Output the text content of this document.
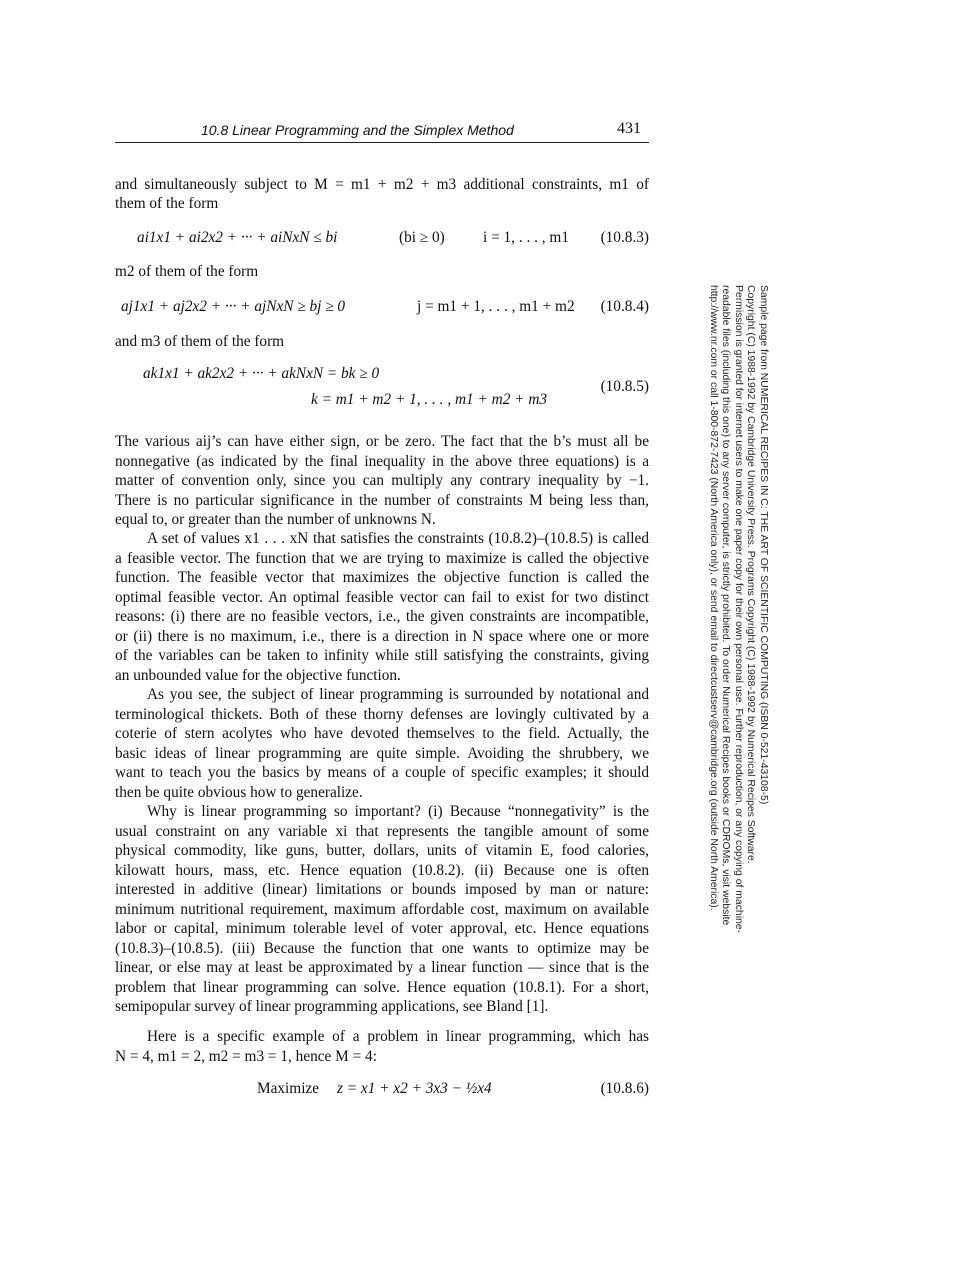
10.8 Linear Programming and the Simplex Method	431
and simultaneously subject to M = m1 + m2 + m3 additional constraints, m1 of
them of the form
ai1x1 + ai2x2 + ··· + aiNxN ≤ bi	(bi ≥ 0) i = 1, . . . , m1 (10.8.3)
m2 of them of the form
aj1x1 + aj2x2 + ··· + ajNxN ≥ bj ≥ 0	j = m1 + 1, . . . , m1 + m2 (10.8.4)
and m3 of them of the form
ak1x1 + ak2x2 + ··· + akNxN = bk ≥ 0
k = m1 + m2 + 1, . . . , m1 + m2 + m3
(10.8.5)
The various aij’s can have either sign, or be zero. The fact that the b’s must all be
nonnegative (as indicated by the final inequality in the above three equations) is a
matter of convention only, since you can multiply any contrary inequality by −1.
There is no particular significance in the number of constraints M being less than,
equal to, or greater than the number of unknowns N.
A set of values x1 . . . xN that satisfies the constraints (10.8.2)–(10.8.5) is called
a feasible vector. The function that we are trying to maximize is called the objective
function. The feasible vector that maximizes the objective function is called the
optimal feasible vector. An optimal feasible vector can fail to exist for two distinct
reasons: (i) there are no feasible vectors, i.e., the given constraints are incompatible,
or (ii) there is no maximum, i.e., there is a direction in N space where one or more
of the variables can be taken to infinity while still satisfying the constraints, giving
an unbounded value for the objective function.
As you see, the subject of linear programming is surrounded by notational and
terminological thickets. Both of these thorny defenses are lovingly cultivated by a
coterie of stern acolytes who have devoted themselves to the field. Actually, the
basic ideas of linear programming are quite simple. Avoiding the shrubbery, we
want to teach you the basics by means of a couple of specific examples; it should
then be quite obvious how to generalize.
Why is linear programming so important? (i) Because “nonnegativity” is the
usual constraint on any variable xi that represents the tangible amount of some
physical commodity, like guns, butter, dollars, units of vitamin E, food calories,
kilowatt hours, mass, etc. Hence equation (10.8.2). (ii) Because one is often
interested in additive (linear) limitations or bounds imposed by man or nature:
minimum nutritional requirement, maximum affordable cost, maximum on available
labor or capital, minimum tolerable level of voter approval, etc. Hence equations
(10.8.3)–(10.8.5). (iii) Because the function that one wants to optimize may be
linear, or else may at least be approximated by a linear function — since that is the
problem that linear programming can solve. Hence equation (10.8.1). For a short,
semipopular survey of linear programming applications, see Bland [1].
Here is a specific example of a problem in linear programming, which has
N = 4, m1 = 2, m2 = m3 = 1, hence M = 4:
Maximize z = x1 + x2 + 3x3 − ½x4	(10.8.6)
Sample page from NUMERICAL RECIPES IN C: THE ART OF SCIENTIFIC COMPUTING (ISBN 0-521-43108-5)
Copyright (C) 1988-1992 by Cambridge University Press. Programs Copyright (C) 1988-1992 by Numerical Recipes Software.
Permission is granted for internet users to make one paper copy for their own personal use. Further reproduction, or any copying of machine-
readable files (including this one) to any server computer, is strictly prohibited. To order Numerical Recipes books or CDROMs, visit website
http://www.nr.com or call 1-800-872-7423 (North America only), or send email to directcustserv@cambridge.org (outside North America).
